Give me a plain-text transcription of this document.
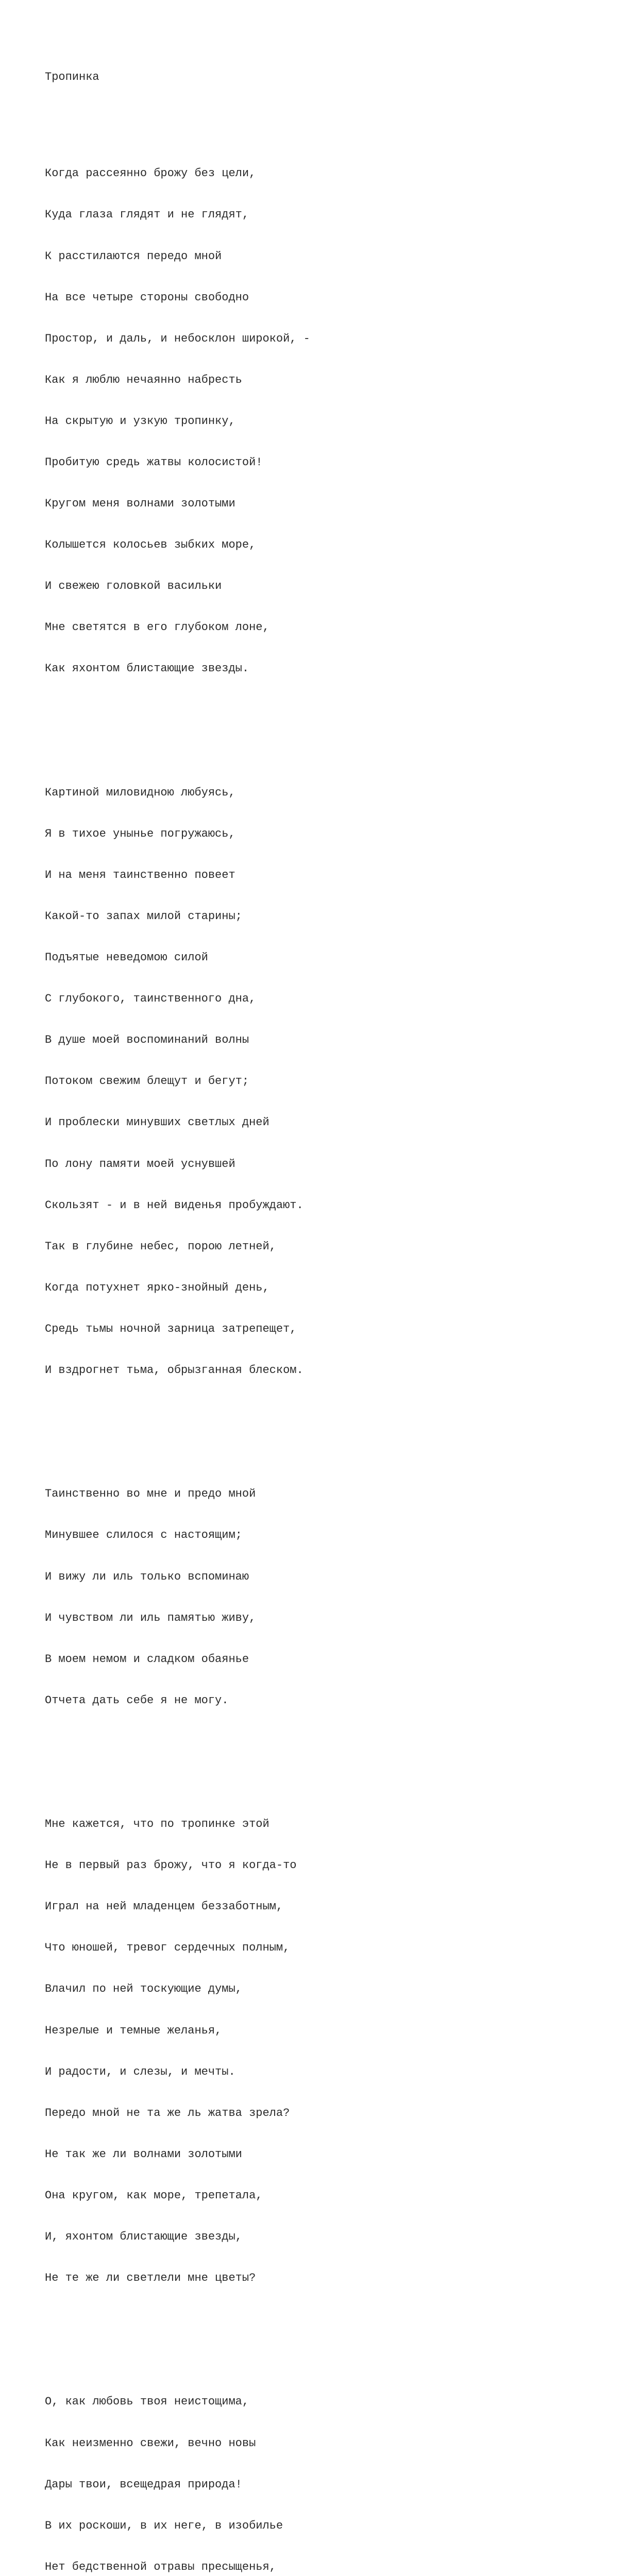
Тропинка

Когда рассеянно брожу без цели,

Куда глаза глядят и не глядят,

К расстилаются передо мной

На все четыре стороны свободно

Простор, и даль, и небосклон широкой, -

Как я люблю нечаянно набресть

На скрытую и узкую тропинку,

Пробитую средь жатвы колосистой!

Кругом меня волнами золотыми

Колышется колосьев зыбких море,

И свежею головкой васильки

Мне светятся в его глубоком лоне,

Как яхонтом блистающие звезды.

Картиной миловидною любуясь,

Я в тихое унынье погружаюсь,

И на меня таинственно повеет

Какой-то запах милой старины;

Подъятые неведомою силой

С глубокого, таинственного дна,

В душе моей воспоминаний волны

Потоком свежим блещут и бегут;

И проблески минувших светлых дней

По лону памяти моей уснувшей

Скользят - и в ней виденья пробуждают.

Так в глубине небес, порою летней,

Когда потухнет ярко-знойный день,

Средь тьмы ночной зарница затрепещет,

И вздрогнет тьма, обрызганная блеском.

Таинственно во мне и предо мной

Минувшее слилося с настоящим;

И вижу ли иль только вспоминаю

И чувством ли иль памятью живу,

В моем немом и сладком обаянье

Отчета дать себе я не могу.

Мне кажется, что по тропинке этой

Не в первый раз брожу, что я когда-то

Играл на ней младенцем беззаботным,

Что юношей, тревог сердечных полным,

Влачил по ней тоскующие думы,

Незрелые и темные желанья,

И радости, и слезы, и мечты.

Передо мной не та же ль жатва зрела?

Не так же ли волнами золотыми

Она кругом, как море, трепетала,

И, яхонтом блистающие звезды,

Не те же ли светлели мне цветы?

О, как любовь твоя неистощима,

Как неизменно свежи, вечно новы

Дары твои, всещедрая природа!

В их роскоши, в их неге, в изобилье

Нет бедственной отравы пресыщенья,
